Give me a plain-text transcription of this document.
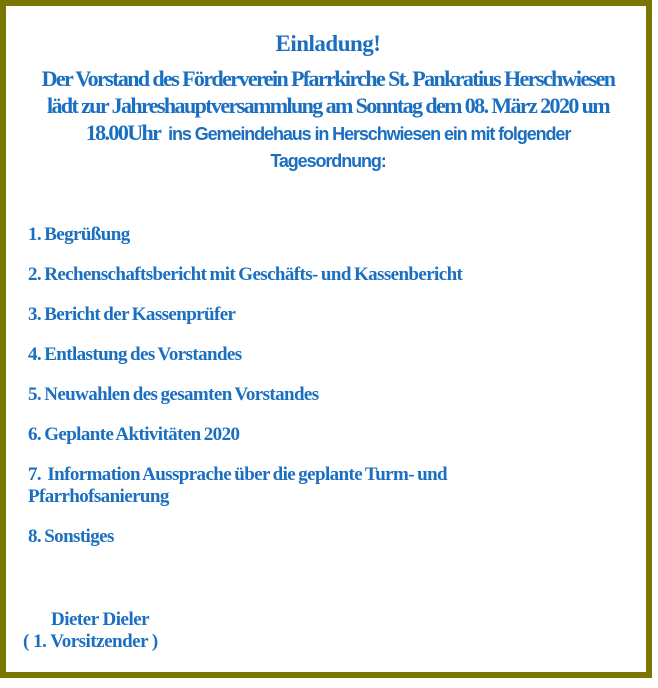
Einladung!
Der Vorstand des Förderverein Pfarrkirche St. Pankratius Herschwiesen
lädt zur Jahreshauptversammlung am Sonntag dem 08. März 2020 um
18.00Uhr  ins Gemeindehaus in Herschwiesen ein mit folgender
Tagesordnung:
1. Begrüßung
2. Rechenschaftsbericht mit Geschäfts- und Kassenbericht
3. Bericht der Kassenprüfer
4. Entlastung des Vorstandes
5. Neuwahlen des gesamten Vorstandes
6. Geplante Aktivitäten 2020
7.  Information Aussprache über die geplante Turm- und
Pfarrhofsanierung
8. Sonstiges
Dieter Dieler
( 1. Vorsitzender )
